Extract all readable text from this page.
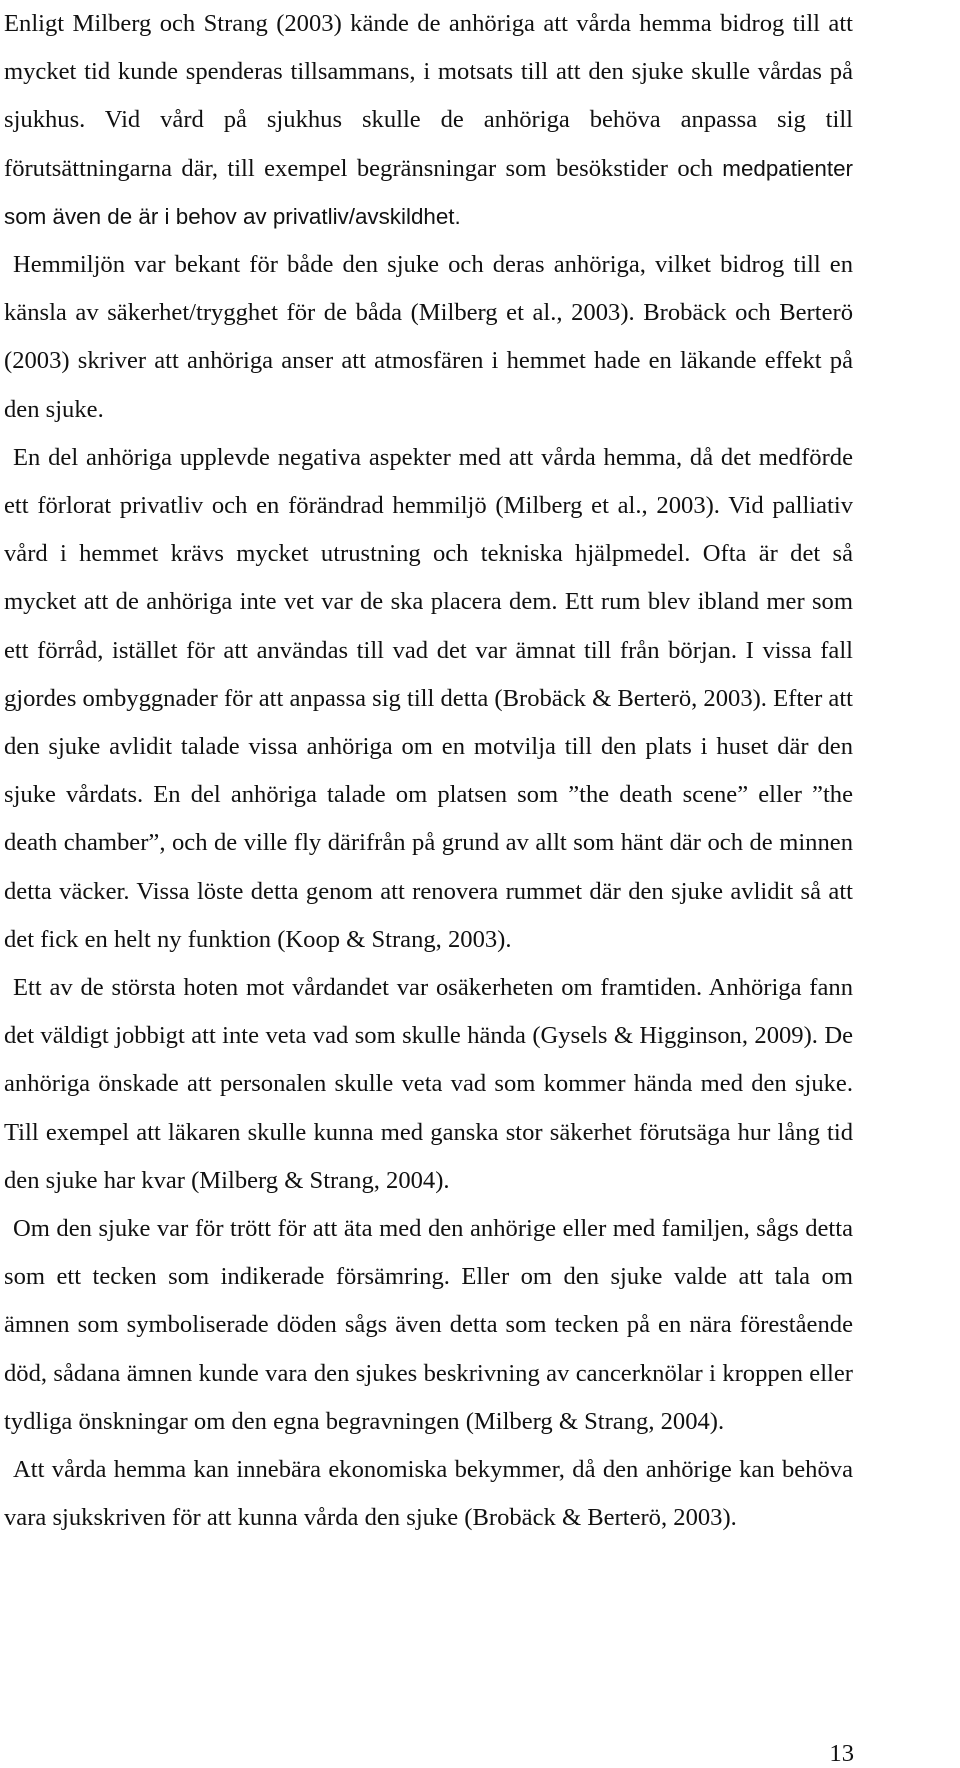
Enligt Milberg och Strang (2003) kände de anhöriga att vårda hemma bidrog till att mycket tid kunde spenderas tillsammans, i motsats till att den sjuke skulle vårdas på sjukhus. Vid vård på sjukhus skulle de anhöriga behöva anpassa sig till förutsättningarna där, till exempel begränsningar som besökstider och medpatienter som även de är i behov av privatliv/avskildhet.

Hemmiljön var bekant för både den sjuke och deras anhöriga, vilket bidrog till en känsla av säkerhet/trygghet för de båda (Milberg et al., 2003). Brobäck och Berterö (2003) skriver att anhöriga anser att atmosfären i hemmet hade en läkande effekt på den sjuke.

En del anhöriga upplevde negativa aspekter med att vårda hemma, då det medförde ett förlorat privatliv och en förändrad hemmiljö (Milberg et al., 2003). Vid palliativ vård i hemmet krävs mycket utrustning och tekniska hjälpmedel. Ofta är det så mycket att de anhöriga inte vet var de ska placera dem. Ett rum blev ibland mer som ett förråd, istället för att användas till vad det var ämnat till från början. I vissa fall gjordes ombyggnader för att anpassa sig till detta (Brobäck & Berterö, 2003). Efter att den sjuke avlidit talade vissa anhöriga om en motvilja till den plats i huset där den sjuke vårdats. En del anhöriga talade om platsen som ”the death scene” eller ”the death chamber”, och de ville fly därifrån på grund av allt som hänt där och de minnen detta väcker. Vissa löste detta genom att renovera rummet där den sjuke avlidit så att det fick en helt ny funktion (Koop & Strang, 2003).

Ett av de största hoten mot vårdandet var osäkerheten om framtiden. Anhöriga fann det väldigt jobbigt att inte veta vad som skulle hända (Gysels & Higginson, 2009). De anhöriga önskade att personalen skulle veta vad som kommer hända med den sjuke. Till exempel att läkaren skulle kunna med ganska stor säkerhet förutsäga hur lång tid den sjuke har kvar (Milberg & Strang, 2004).

Om den sjuke var för trött för att äta med den anhörige eller med familjen, sågs detta som ett tecken som indikerade försämring. Eller om den sjuke valde att tala om ämnen som symboliserade döden sågs även detta som tecken på en nära förestående död, sådana ämnen kunde vara den sjukes beskrivning av cancerknölar i kroppen eller tydliga önskningar om den egna begravningen (Milberg & Strang, 2004).

Att vårda hemma kan innebära ekonomiska bekymmer, då den anhörige kan behöva vara sjukskriven för att kunna vårda den sjuke (Brobäck & Berterö, 2003).

13
